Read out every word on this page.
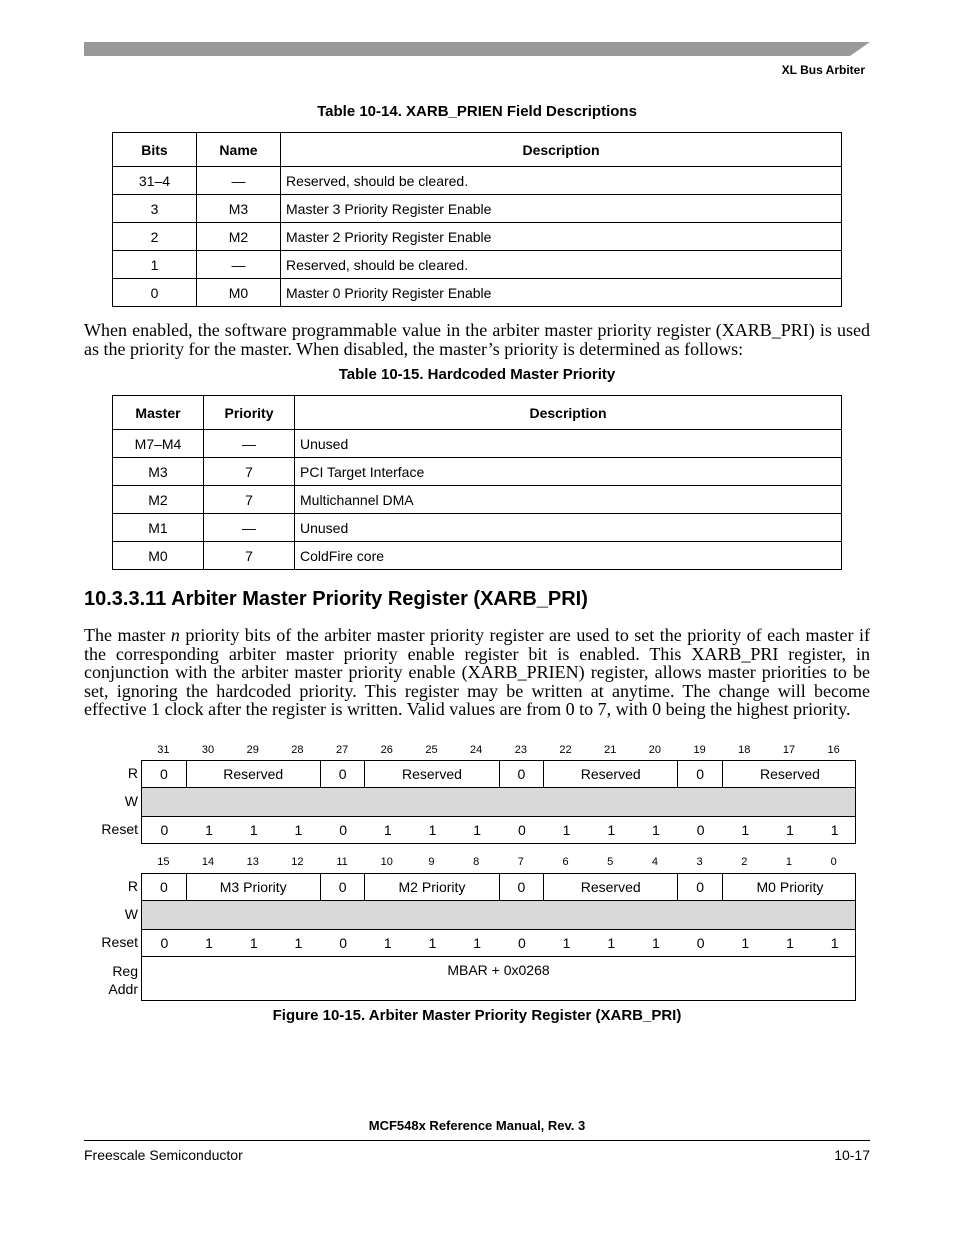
XL Bus Arbiter
Table 10-14. XARB_PRIEN Field Descriptions
Bits	Name	Description
31–4	—	Reserved, should be cleared.
3	M3	Master 3 Priority Register Enable
2	M2	Master 2 Priority Register Enable
1	—	Reserved, should be cleared.
0	M0	Master 0 Priority Register Enable
When enabled, the software programmable value in the arbiter master priority register (XARB_PRI) is used as the priority for the master. When disabled, the master’s priority is determined as follows:
Table 10-15. Hardcoded Master Priority
Master	Priority	Description
M7–M4	—	Unused
M3	7	PCI Target Interface
M2	7	Multichannel DMA
M1	—	Unused
M0	7	ColdFire core
10.3.3.11 Arbiter Master Priority Register (XARB_PRI)
The master n priority bits of the arbiter master priority register are used to set the priority of each master if the corresponding arbiter master priority enable register bit is enabled. This XARB_PRI register, in conjunction with the arbiter master priority enable (XARB_PRIEN) register, allows master priorities to be set, ignoring the hardcoded priority. This register may be written at anytime. The change will become effective 1 clock after the register is written. Valid values are from 0 to 7, with 0 being the highest priority.
31	30	29	28	27	26	25	24	23	22	21	20	19	18	17	16
R	0	Reserved	0	Reserved	0	Reserved	0	Reserved
W
Reset	0	1	1	1	0	1	1	1	0	1	1	1	0	1	1	1
15	14	13	12	11	10	9	8	7	6	5	4	3	2	1	0
R	0	M3 Priority	0	M2 Priority	0	Reserved	0	M0 Priority
W
Reset	0	1	1	1	0	1	1	1	0	1	1	1	0	1	1	1
Reg
Addr
MBAR + 0x0268
Figure 10-15. Arbiter Master Priority Register (XARB_PRI)
MCF548x Reference Manual, Rev. 3
Freescale Semiconductor	10-17
